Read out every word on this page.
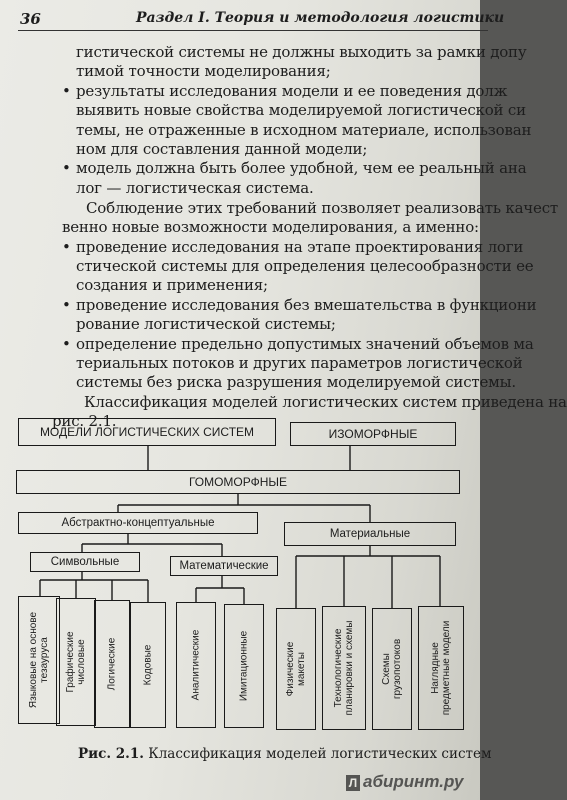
36	Раздел I. Теория и методология логистики
гистической системы не должны выходить за рамки допу
тимой точности моделирования;
• результаты исследования модели и ее поведения долж
выявить новые свойства моделируемой логистической си
темы, не отраженные в исходном материале, использован
ном для составления данной модели;
• модель должна быть более удобной, чем ее реальный ана
лог — логистическая система.
Соблюдение этих требований позволяет реализовать качест
венно новые возможности моделирования, а именно:
• проведение исследования на этапе проектирования логи
стической системы для определения целесообразности ее
создания и применения;
• проведение исследования без вмешательства в функциони
рование логистической системы;
• определение предельно допустимых значений объемов ма
териальных потоков и других параметров логистической
системы без риска разрушения моделируемой системы.
Классификация моделей логистических систем приведена на
рис. 2.1.
МОДЕЛИ ЛОГИСТИЧЕСКИХ СИСТЕМ	ИЗОМОРФНЫЕ
ГОМОМОРФНЫЕ
Абстрактно-концептуальные
Материальные
Символьные	Математические
Языковые на основе тезауруса Графические числовые Логические	Кодовые	Аналитические	Имитационные	Физические макеты	Технологические планировки и схемы	Схемы грузопотоков	Наглядные предметные модели
Рис. 2.1. Классификация моделей логистических систем
Л абиринт.ру
